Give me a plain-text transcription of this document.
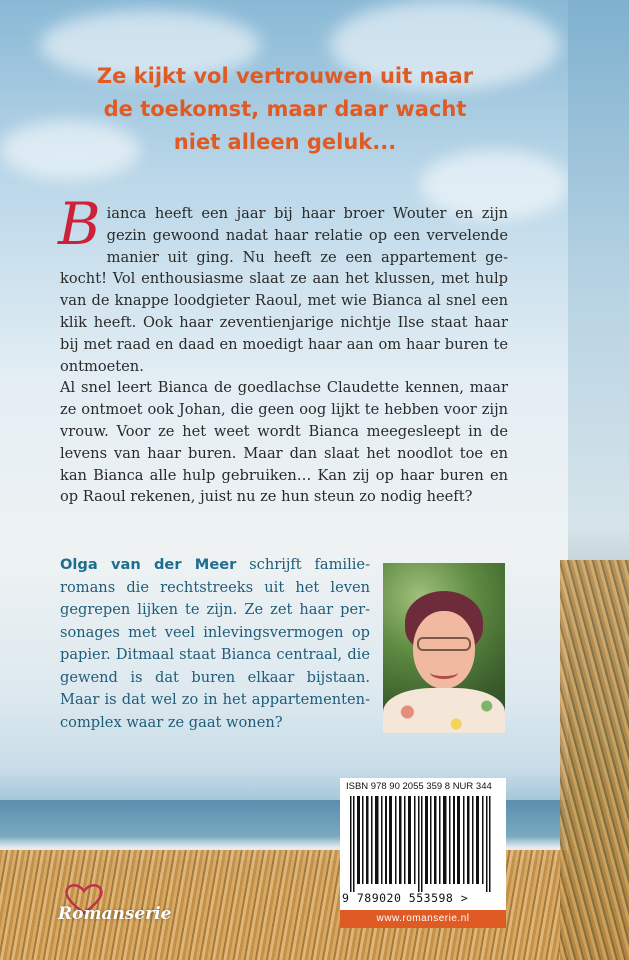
Ze kijkt vol vertrouwen uit naar
de toekomst, maar daar wacht
niet alleen geluk...

Bianca heeft een jaar bij haar broer Wouter en zijn gezin gewoond nadat haar relatie op een vervelende manier uit ging. Nu heeft ze een appartement gekocht! Vol enthousiasme slaat ze aan het klussen, met hulp van de knappe loodgieter Raoul, met wie Bianca al snel een klik heeft. Ook haar zeventienjarige nichtje Ilse staat haar bij met raad en daad en moedigt haar aan om haar buren te ontmoeten.

Al snel leert Bianca de goedlachse Claudette kennen, maar ze ontmoet ook Johan, die geen oog lijkt te hebben voor zijn vrouw. Voor ze het weet wordt Bianca meegesleept in de levens van haar buren. Maar dan slaat het noodlot toe en kan Bianca alle hulp gebruiken… Kan zij op haar buren en op Raoul rekenen, juist nu ze hun steun zo nodig heeft?

Olga van der Meer schrijft familieromans die rechtstreeks uit het leven gegrepen lijken te zijn. Ze zet haar personages met veel inlevingsvermogen op papier. Ditmaal staat Bianca centraal, die gewend is dat buren elkaar bijstaan. Maar is dat wel zo in het appartementencomplex waar ze gaat wonen?
ISBN 978 90 2055 359 8 NUR 344
9 789020 553598 >
www.romanserie.nl
Romanserie
